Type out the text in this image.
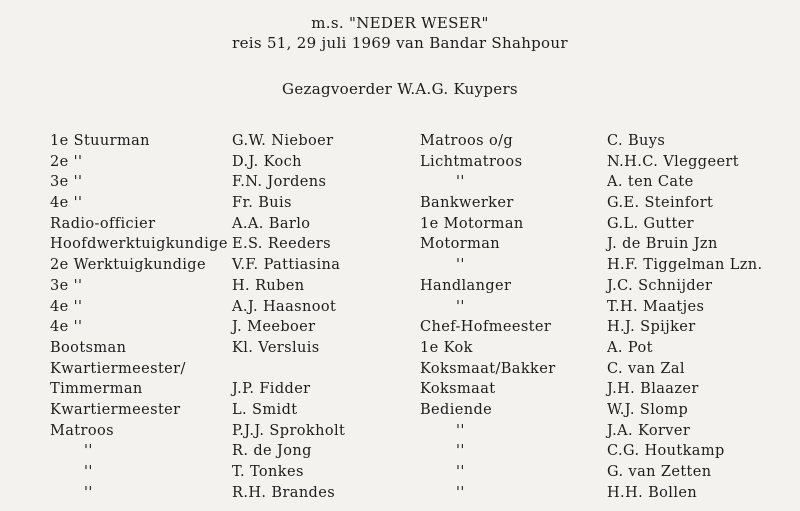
m.s. "NEDER WESER"
reis 51, 29 juli 1969 van Bandar Shahpour
Gezagvoerder W.A.G. Kuypers
1e Stuurman
2e ''
3e ''
4e ''
Radio-officier
Hoofdwerktuigkundige
2e Werktuigkundige
3e ''
4e ''
4e ''
Bootsman
Kwartiermeester/
Timmerman
Kwartiermeester
Matroos
''
''
''
G.W. Nieboer
D.J. Koch
F.N. Jordens
Fr. Buis
A.A. Barlo
E.S. Reeders
V.F. Pattiasina
H. Ruben
A.J. Haasnoot
J. Meeboer
Kl. Versluis
J.P. Fidder
L. Smidt
P.J.J. Sprokholt
R. de Jong
T. Tonkes
R.H. Brandes
Matroos o/g
Lichtmatroos
''
Bankwerker
1e Motorman
Motorman
''
Handlanger
''
Chef-Hofmeester
1e Kok
Koksmaat/Bakker
Koksmaat
Bediende
''
''
''
''
C. Buys
N.H.C. Vleggeert
A. ten Cate
G.E. Steinfort
G.L. Gutter
J. de Bruin Jzn
H.F. Tiggelman Lzn.
J.C. Schnijder
T.H. Maatjes
H.J. Spijker
A. Pot
C. van Zal
J.H. Blaazer
W.J. Slomp
J.A. Korver
C.G. Houtkamp
G. van Zetten
H.H. Bollen
